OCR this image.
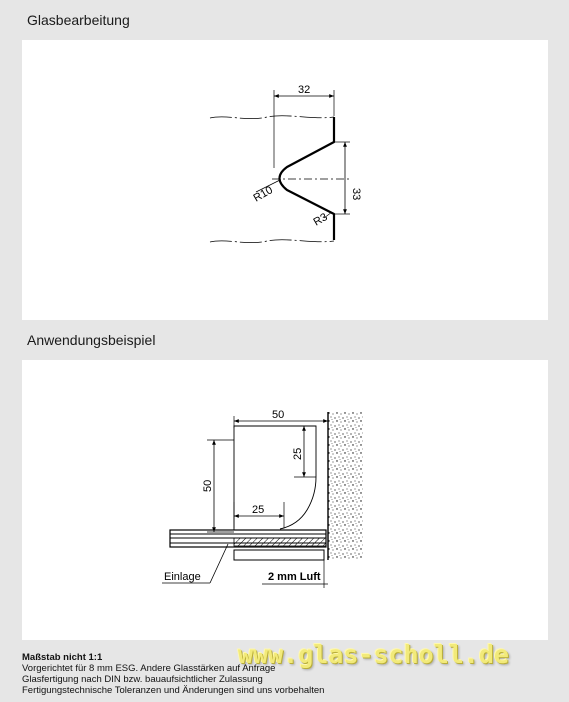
Glasbearbeitung
32
33
R10
R3
Anwendungsbeispiel
25
50
50
25
Einlage	2 mm Luft
Maßstab nicht 1:1
Vorgerichtet für 8 mm ESG. Andere Glasstärken auf Anfrage
Glasfertigung nach DIN bzw. bauaufsichtlicher Zulassung
Fertigungstechnische Toleranzen und Änderungen sind uns vorbehalten
www.glas-scholl.de
